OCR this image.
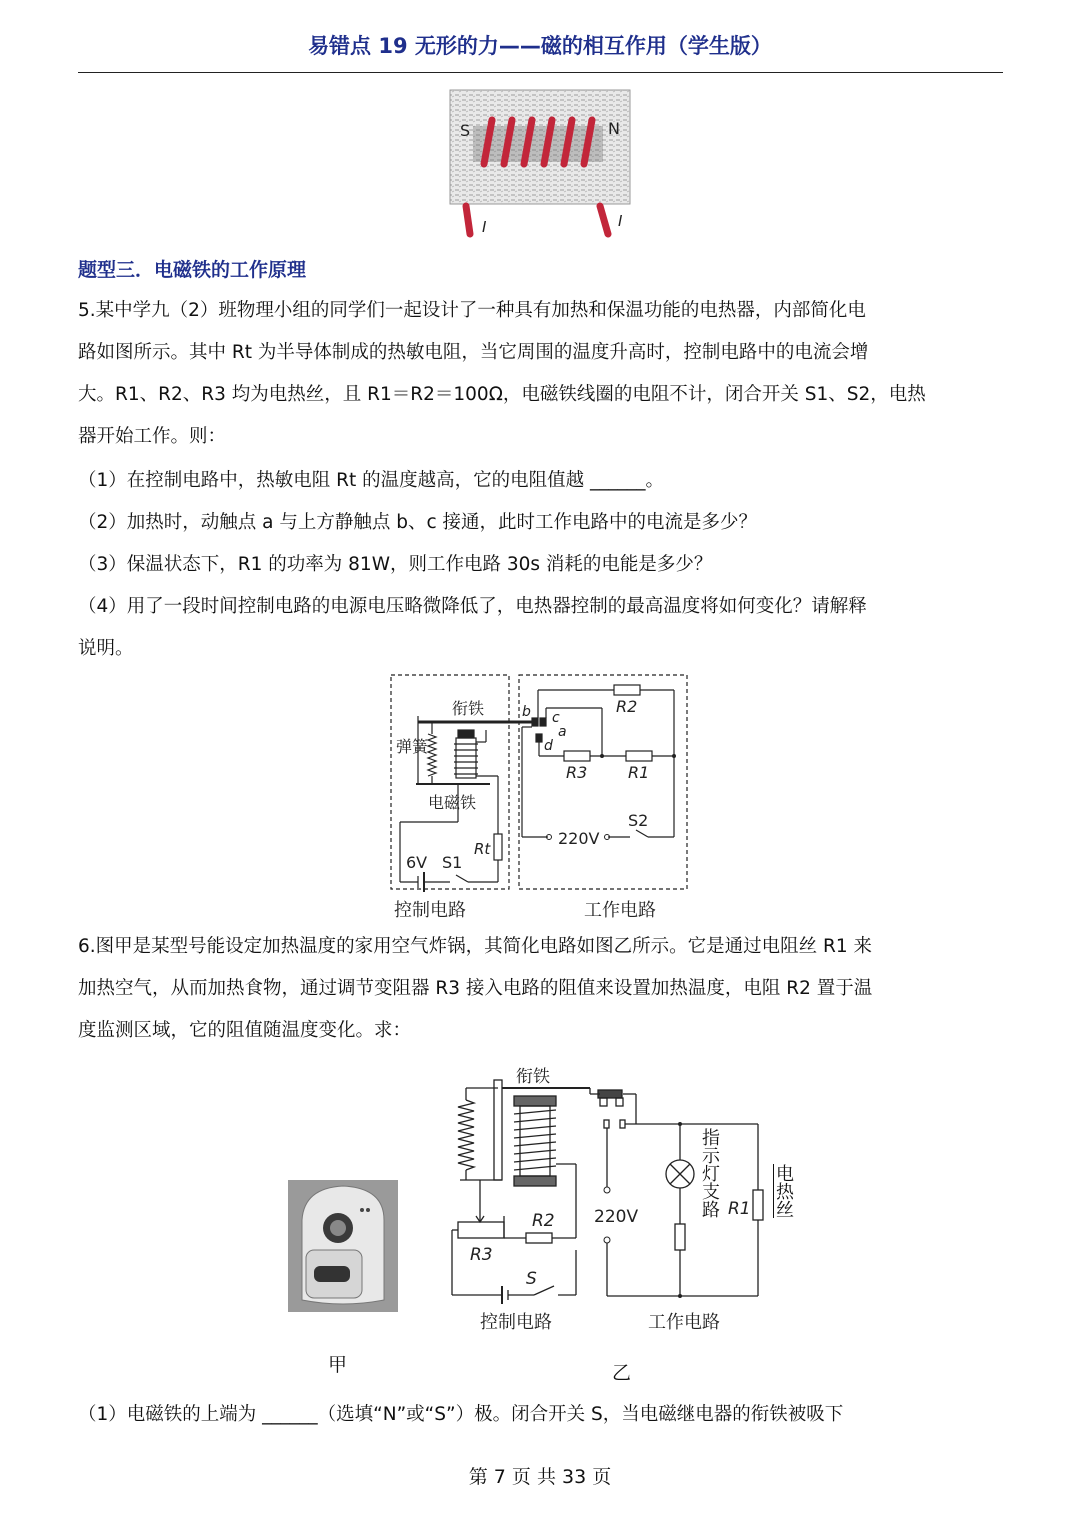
易错点 19 无形的力——磁的相互作用（学生版）
S	N
I	I
题型三．电磁铁的工作原理
5.某中学九（2）班物理小组的同学们一起设计了一种具有加热和保温功能的电热器，内部简化电
路如图所示。其中 Rt 为半导体制成的热敏电阻，当它周围的温度升高时，控制电路中的电流会增
大。R1、R2、R3 均为电热丝，且 R1＝R2＝100Ω，电磁铁线圈的电阻不计，闭合开关 S1、S2，电热
器开始工作。则：
（1）在控制电路中，热敏电阻 Rt 的温度越高，它的电阻值越 ______。
（2）加热时，动触点 a 与上方静触点 b、c 接通，此时工作电路中的电流是多少？
（3）保温状态下，R1 的功率为 81W，则工作电路 30s 消耗的电能是多少？
（4）用了一段时间控制电路的电源电压略微降低了，电热器控制的最高温度将如何变化？请解释
说明。
衔铁
弹簧
电磁铁
b c
a
d
R2
R3	R1
Rt
6V S1
S2
220V
控制电路	工作电路
6.图甲是某型号能设定加热温度的家用空气炸锅，其简化电路如图乙所示。它是通过电阻丝 R1 来
加热空气，从而加热食物，通过调节变阻器 R3 接入电路的阻值来设置加热温度，电阻 R2 置于温
度监测区域，它的阻值随温度变化。求：
甲
衔铁
220V
R2
R3
S
R1
控制电路	工作电路
指示灯支路	电热丝
乙
（1）电磁铁的上端为 ______（选填“N”或“S”）极。闭合开关 S，当电磁继电器的衔铁被吸下
第 7 页 共 33 页
